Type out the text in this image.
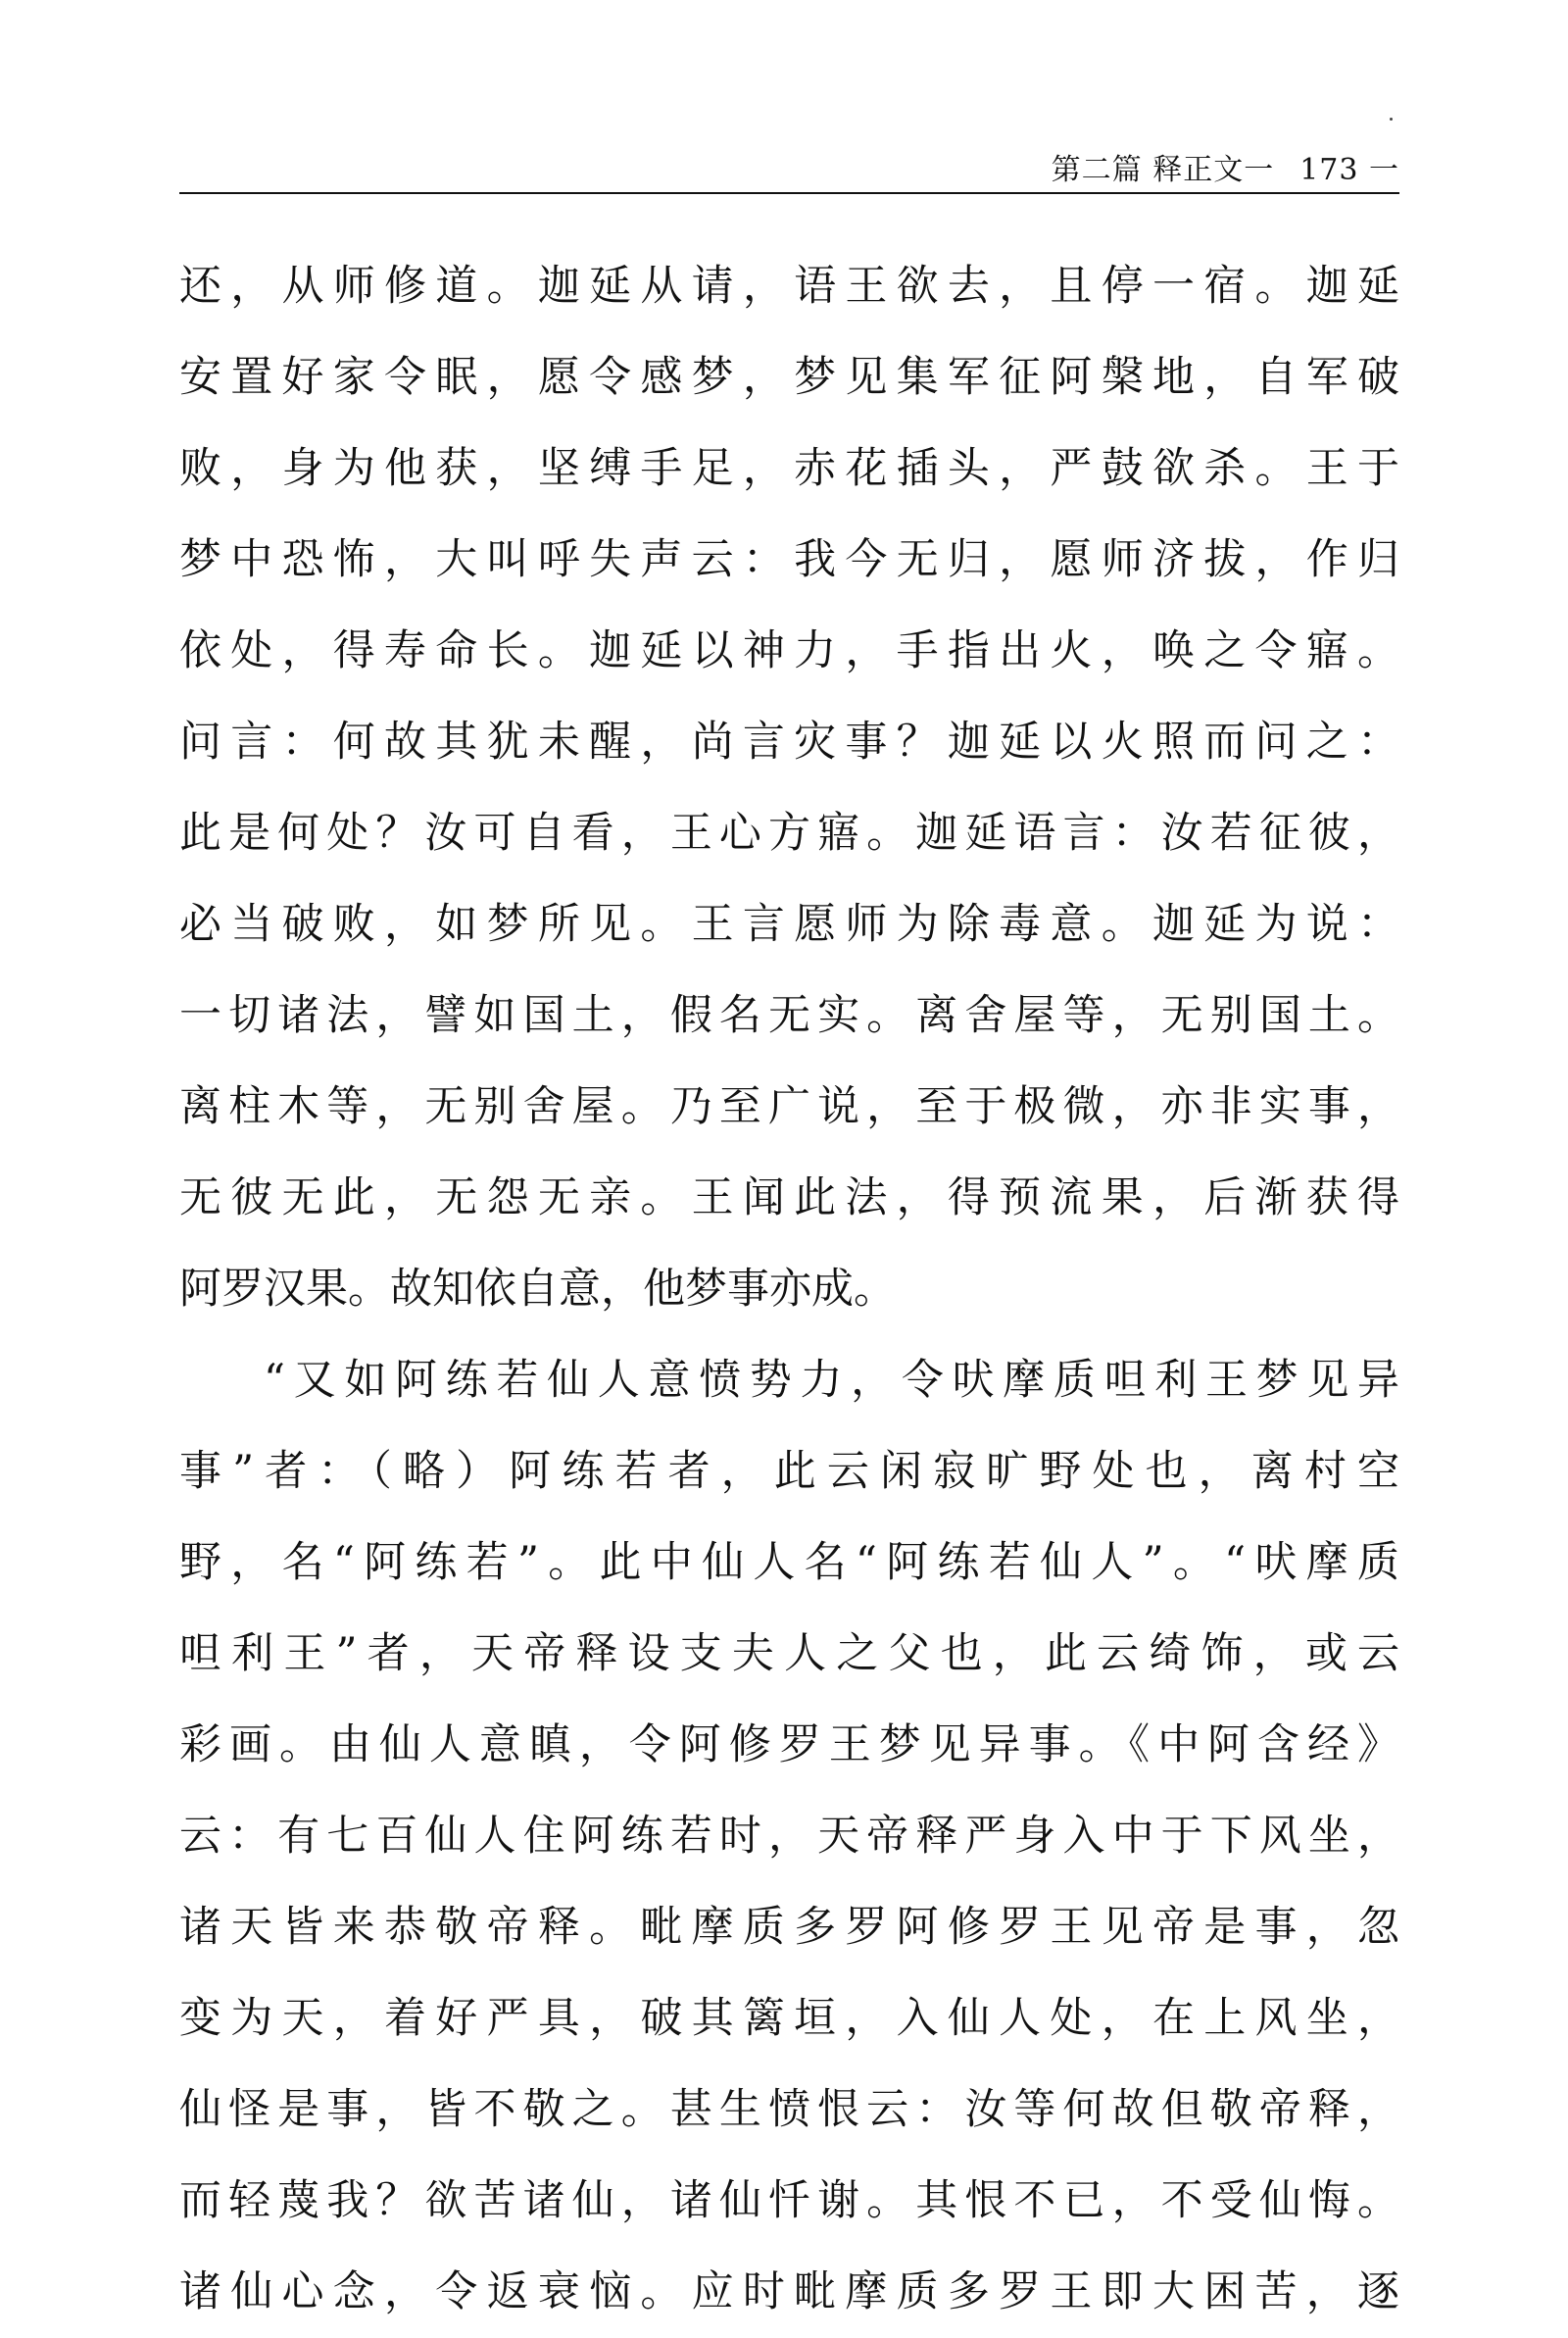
第二篇 释正文一 173 一
还，从师修道。迦延从请，语王欲去，且停一宿。迦延
安置好家令眠，愿令感梦，梦见集军征阿槃地，自军破
败，身为他获，坚缚手足，赤花插头，严鼓欲杀。王于
梦中恐怖，大叫呼失声云：我今无归，愿师济拔，作归
依处，得寿命长。迦延以神力，手指出火，唤之令寤。
问言：何故其犹未醒，尚言灾事？迦延以火照而问之：
此是何处？汝可自看，王心方寤。迦延语言：汝若征彼，
必当破败，如梦所见。王言愿师为除毒意。迦延为说：
一切诸法，譬如国土，假名无实。离舍屋等，无别国土。
离柱木等，无别舍屋。乃至广说，至于极微，亦非实事，
无彼无此，无怨无亲。王闻此法，得预流果，后渐获得
阿罗汉果。故知依自意，他梦事亦成。
“又如阿练若仙人意愤势力，令吠摩质呾利王梦见异
事”者：（略）阿练若者，此云闲寂旷野处也，离村空
野，名“阿练若”。此中仙人名“阿练若仙人”。“吠摩质
呾利王”者，天帝释设支夫人之父也，此云绮饰，或云
彩画。由仙人意瞋，令阿修罗王梦见异事。《中阿含经》
云：有七百仙人住阿练若时，天帝释严身入中于下风坐，
诸天皆来恭敬帝释。毗摩质多罗阿修罗王见帝是事，忽
变为天，着好严具，破其篱垣，入仙人处，在上风坐，
仙怪是事，皆不敬之。甚生愤恨云：汝等何故但敬帝释，
而轻蔑我？欲苦诸仙，诸仙忏谢。其恨不已，不受仙悔。
诸仙心念，令返衰恼。应时毗摩质多罗王即大困苦，逐
